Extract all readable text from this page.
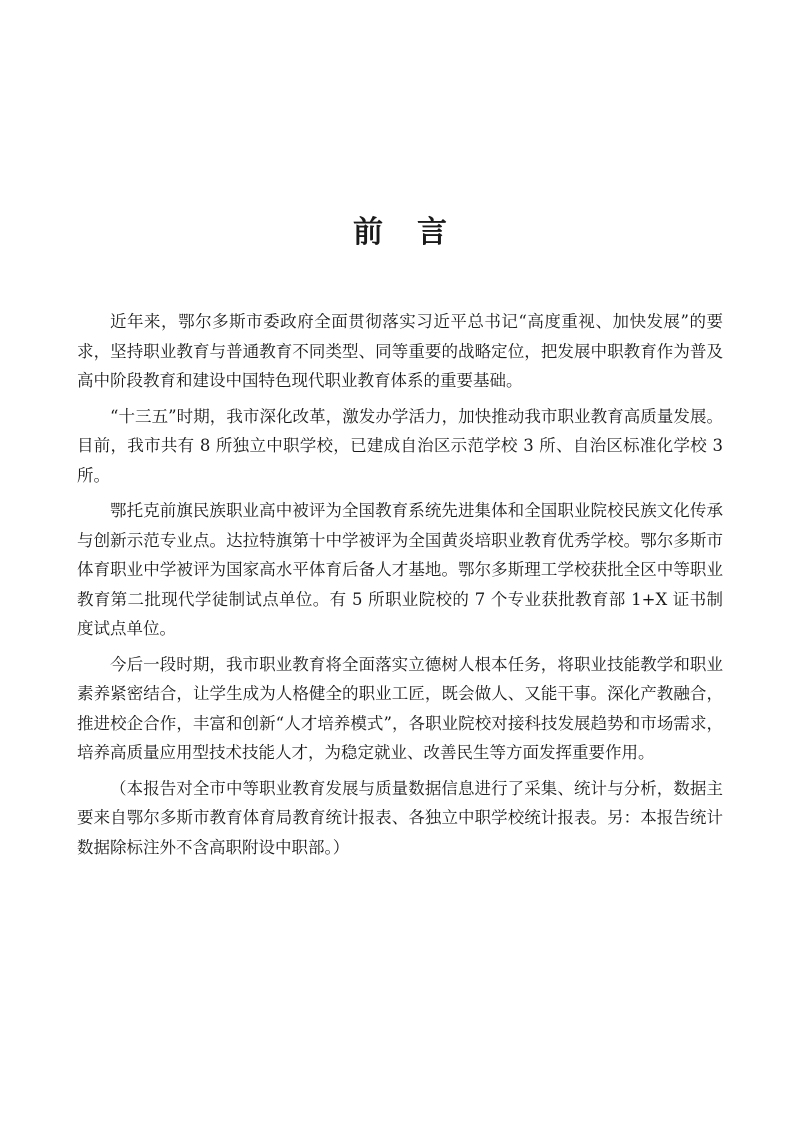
前 言

近年来，鄂尔多斯市委政府全面贯彻落实习近平总书记“高度重视、加快发展”的要求，坚持职业教育与普通教育不同类型、同等重要的战略定位，把发展中职教育作为普及高中阶段教育和建设中国特色现代职业教育体系的重要基础。

“十三五”时期，我市深化改革，激发办学活力，加快推动我市职业教育高质量发展。目前，我市共有 8 所独立中职学校，已建成自治区示范学校 3 所、自治区标准化学校 3 所。

鄂托克前旗民族职业高中被评为全国教育系统先进集体和全国职业院校民族文化传承与创新示范专业点。达拉特旗第十中学被评为全国黄炎培职业教育优秀学校。鄂尔多斯市体育职业中学被评为国家高水平体育后备人才基地。鄂尔多斯理工学校获批全区中等职业教育第二批现代学徒制试点单位。有 5 所职业院校的 7 个专业获批教育部 1+X 证书制度试点单位。

今后一段时期，我市职业教育将全面落实立德树人根本任务，将职业技能教学和职业素养紧密结合，让学生成为人格健全的职业工匠，既会做人、又能干事。深化产教融合，推进校企合作，丰富和创新“人才培养模式”，各职业院校对接科技发展趋势和市场需求，培养高质量应用型技术技能人才，为稳定就业、改善民生等方面发挥重要作用。

（本报告对全市中等职业教育发展与质量数据信息进行了采集、统计与分析，数据主要来自鄂尔多斯市教育体育局教育统计报表、各独立中职学校统计报表。另：本报告统计数据除标注外不含高职附设中职部。）
